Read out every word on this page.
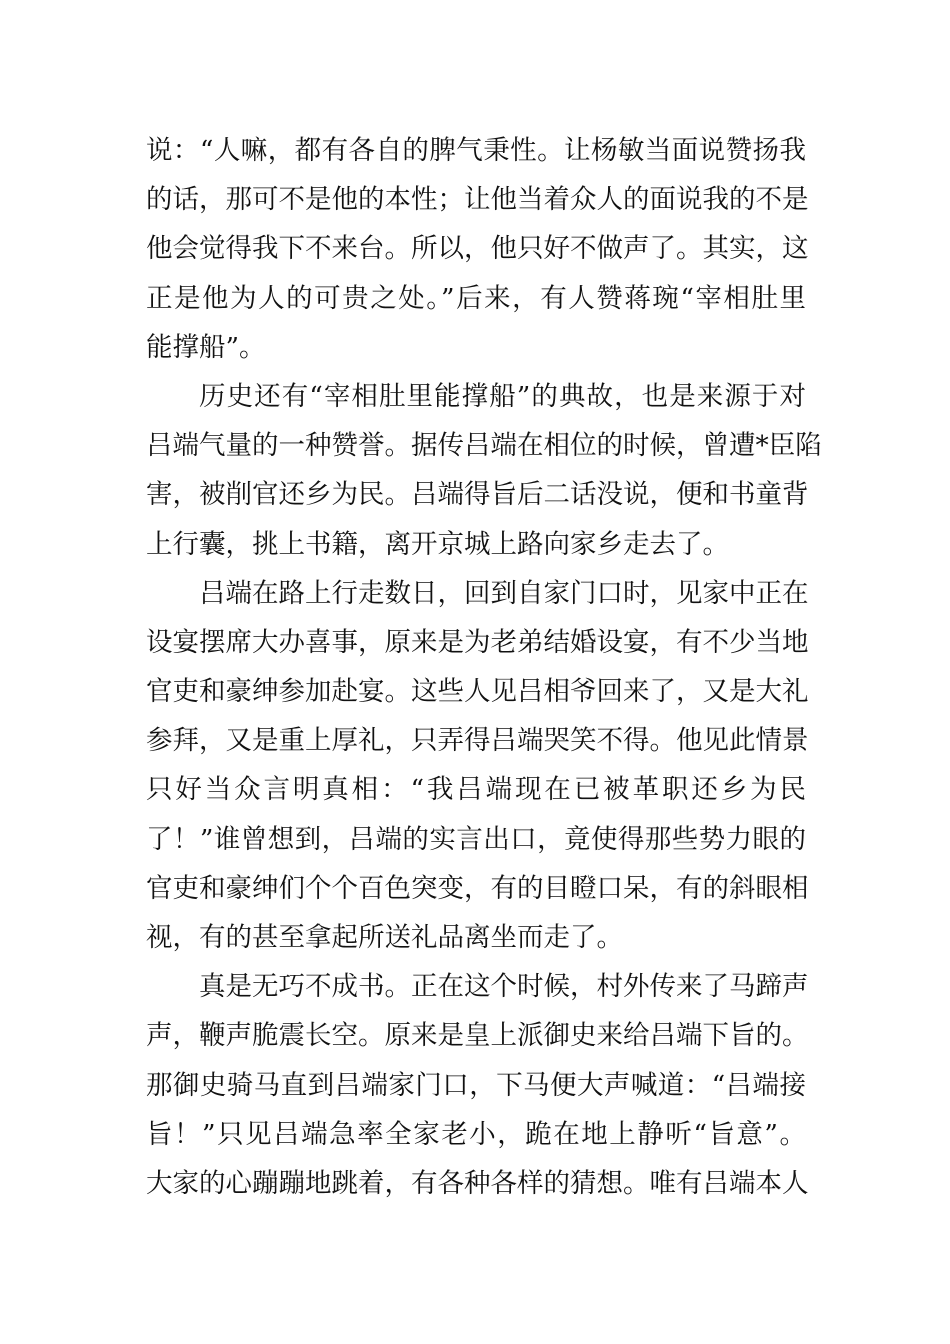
说：“人嘛，都有各自的脾气秉性。让杨敏当面说赞扬我
的话，那可不是他的本性；让他当着众人的面说我的不是
他会觉得我下不来台。所以，他只好不做声了。其实，这
正是他为人的可贵之处。”后来，有人赞蒋琬“宰相肚里
能撑船”。
历史还有“宰相肚里能撑船”的典故，也是来源于对
吕端气量的一种赞誉。据传吕端在相位的时候，曾遭*臣陷
害，被削官还乡为民。吕端得旨后二话没说，便和书童背
上行囊，挑上书籍，离开京城上路向家乡走去了。
吕端在路上行走数日，回到自家门口时，见家中正在
设宴摆席大办喜事，原来是为老弟结婚设宴，有不少当地
官吏和豪绅参加赴宴。这些人见吕相爷回来了，又是大礼
参拜，又是重上厚礼，只弄得吕端哭笑不得。他见此情景
只好当众言明真相：“我吕端现在已被革职还乡为民
了！”谁曾想到，吕端的实言出口，竟使得那些势力眼的
官吏和豪绅们个个百色突变，有的目瞪口呆，有的斜眼相
视，有的甚至拿起所送礼品离坐而走了。
真是无巧不成书。正在这个时候，村外传来了马蹄声
声，鞭声脆震长空。原来是皇上派御史来给吕端下旨的。
那御史骑马直到吕端家门口，下马便大声喊道：“吕端接
旨！”只见吕端急率全家老小，跪在地上静听“旨意”。
大家的心蹦蹦地跳着，有各种各样的猜想。唯有吕端本人
